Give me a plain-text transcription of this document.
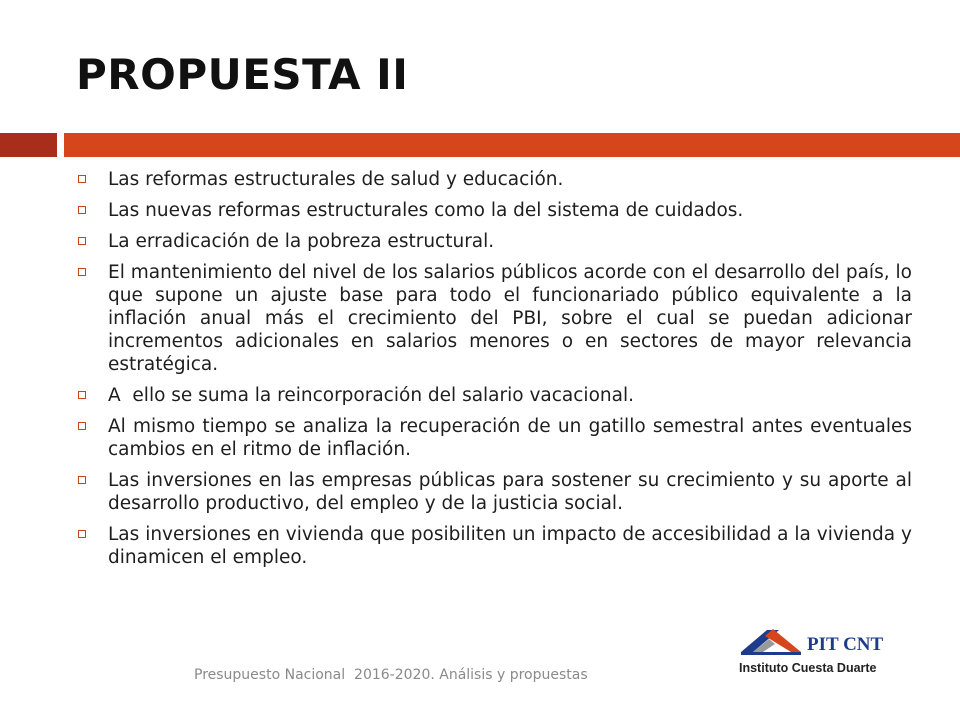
PROPUESTA II
Las reformas estructurales de salud y educación.
Las nuevas reformas estructurales como la del sistema de cuidados.
La erradicación de la pobreza estructural.
El mantenimiento del nivel de los salarios públicos acorde con el desarrollo del país, lo que supone un ajuste base para todo el funcionariado público equivalente a la inflación anual más el crecimiento del PBI, sobre el cual se puedan adicionar incrementos adicionales en salarios menores o en sectores de mayor relevancia estratégica.
A  ello se suma la reincorporación del salario vacacional.
Al mismo tiempo se analiza la recuperación de un gatillo semestral antes eventuales cambios en el ritmo de inflación.
Las inversiones en las empresas públicas para sostener su crecimiento y su aporte al desarrollo productivo, del empleo y de la justicia social.
Las inversiones en vivienda que posibiliten un impacto de accesibilidad a la vivienda y dinamicen el empleo.
Presupuesto Nacional  2016-2020. Análisis y propuestas
PIT CNT
Instituto Cuesta Duarte
